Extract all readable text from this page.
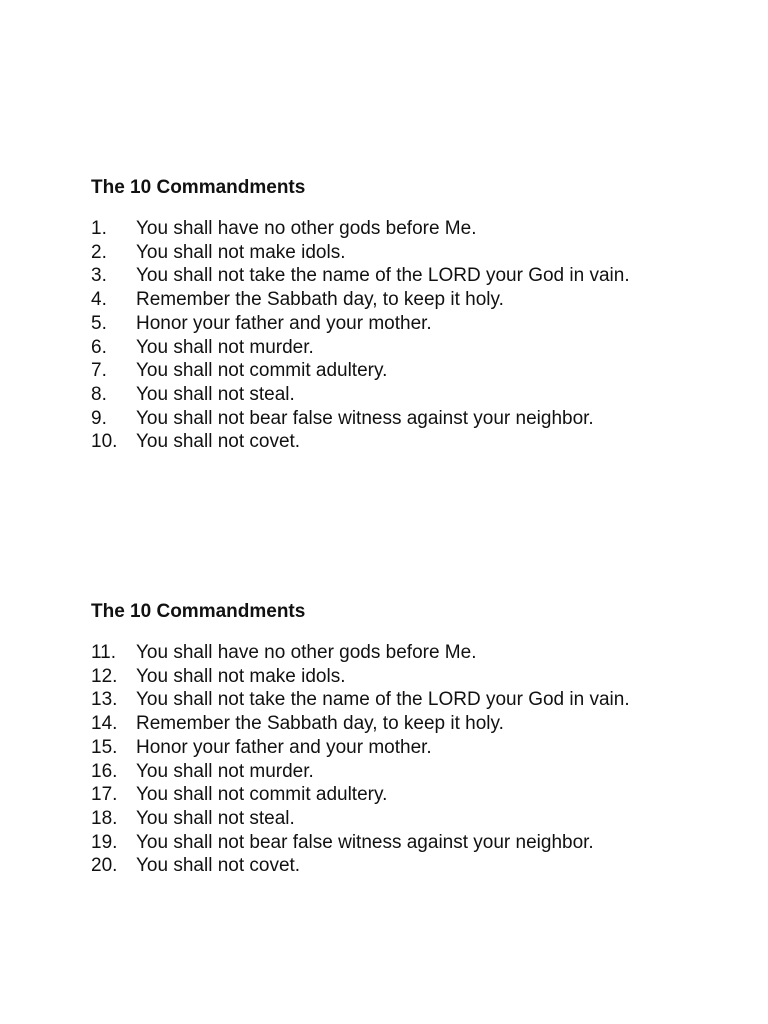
The 10 Commandments
1.	You shall have no other gods before Me.
2.	You shall not make idols.
3.	You shall not take the name of the LORD your God in vain.
4.	Remember the Sabbath day, to keep it holy.
5.	Honor your father and your mother.
6.	You shall not murder.
7.	You shall not commit adultery.
8.	You shall not steal.
9.	You shall not bear false witness against your neighbor.
10. You shall not covet.
The 10 Commandments
11.	You shall have no other gods before Me.
12. You shall not make idols.
13. You shall not take the name of the LORD your God in vain.
14. Remember the Sabbath day, to keep it holy.
15. Honor your father and your mother.
16. You shall not murder.
17. You shall not commit adultery.
18. You shall not steal.
19. You shall not bear false witness against your neighbor.
20. You shall not covet.
